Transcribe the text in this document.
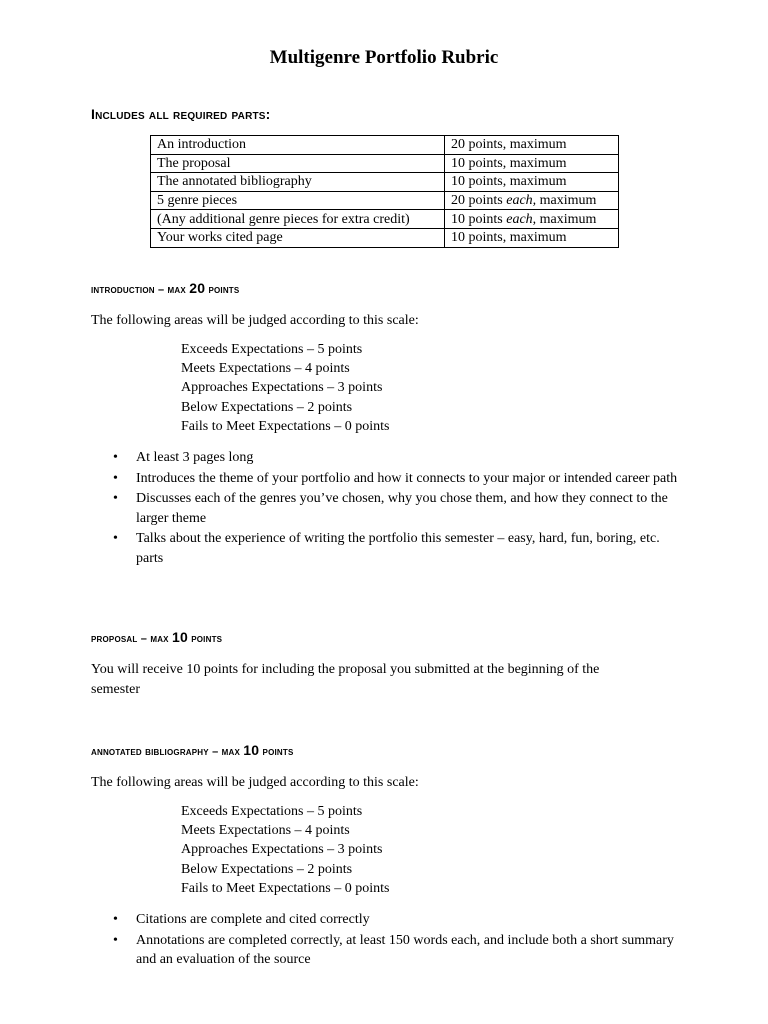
Multigenre Portfolio Rubric
Includes all required parts:
An introduction	20 points, maximum
The proposal	10 points, maximum
The annotated bibliography	10 points, maximum
5 genre pieces	20 points each, maximum
(Any additional genre pieces for extra credit)	10 points each, maximum
Your works cited page	10 points, maximum
introduction – max 20 points
The following areas will be judged according to this scale:
Exceeds Expectations – 5 points
Meets Expectations – 4 points
Approaches Expectations – 3 points
Below Expectations – 2 points
Fails to Meet Expectations – 0 points
• At least 3 pages long
• Introduces the theme of your portfolio and how it connects to your major or intended career path
• Discusses each of the genres you’ve chosen, why you chose them, and how they connect to the larger theme
• Talks about the experience of writing the portfolio this semester – easy, hard, fun, boring, etc. parts
proposal – max 10 points
You will receive 10 points for including the proposal you submitted at the beginning of the semester
annotated bibliography – max 10 points
The following areas will be judged according to this scale:
Exceeds Expectations – 5 points
Meets Expectations – 4 points
Approaches Expectations – 3 points
Below Expectations – 2 points
Fails to Meet Expectations – 0 points
• Citations are complete and cited correctly
• Annotations are completed correctly, at least 150 words each, and include both a short summary and an evaluation of the source
